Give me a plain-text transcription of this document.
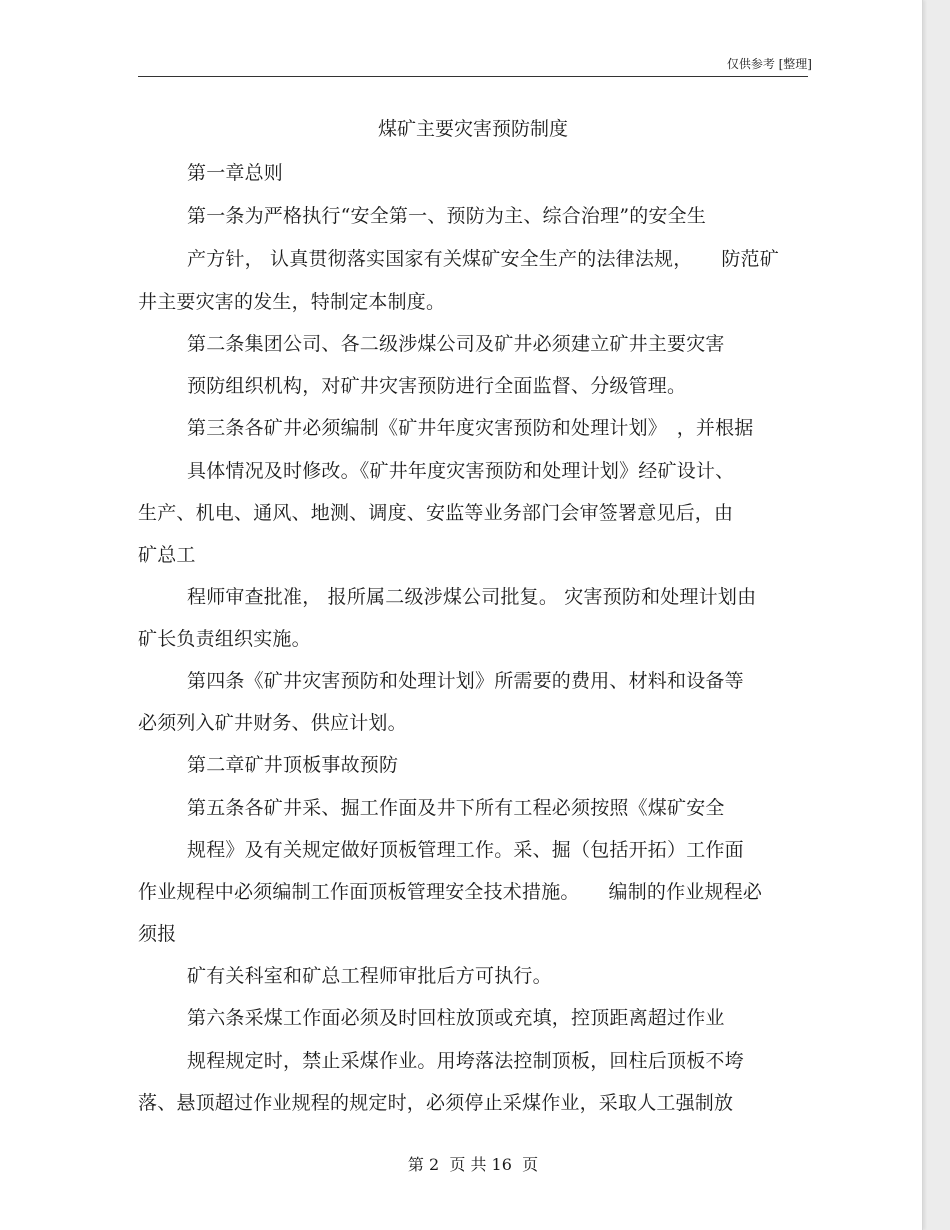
仅供参考 [整理]
煤矿主要灾害预防制度
第一章总则
第一条为严格执行“安全第一、预防为主、综合治理”的安全生
产方针， 认真贯彻落实国家有关煤矿安全生产的法律法规，　　防范矿
井主要灾害的发生，特制定本制度。
第二条集团公司、各二级涉煤公司及矿井必须建立矿井主要灾害
预防组织机构，对矿井灾害预防进行全面监督、分级管理。
第三条各矿井必须编制《矿井年度灾害预防和处理计划》　，并根据
具体情况及时修改。《矿井年度灾害预防和处理计划》经矿设计、
生产、机电、通风、地测、调度、安监等业务部门会审签署意见后，由
矿总工
程师审查批准， 报所属二级涉煤公司批复。 灾害预防和处理计划由
矿长负责组织实施。
第四条《矿井灾害预防和处理计划》所需要的费用、材料和设备等
必须列入矿井财务、供应计划。
第二章矿井顶板事故预防
第五条各矿井采、掘工作面及井下所有工程必须按照《煤矿安全
规程》及有关规定做好顶板管理工作。采、掘（包括开拓）工作面
作业规程中必须编制工作面顶板管理安全技术措施。　　编制的作业规程必
须报
矿有关科室和矿总工程师审批后方可执行。
第六条采煤工作面必须及时回柱放顶或充填，控顶距离超过作业
规程规定时，禁止采煤作业。用垮落法控制顶板，回柱后顶板不垮
落、悬顶超过作业规程的规定时，必须停止采煤作业，采取人工强制放
第 2  页 共 16  页
